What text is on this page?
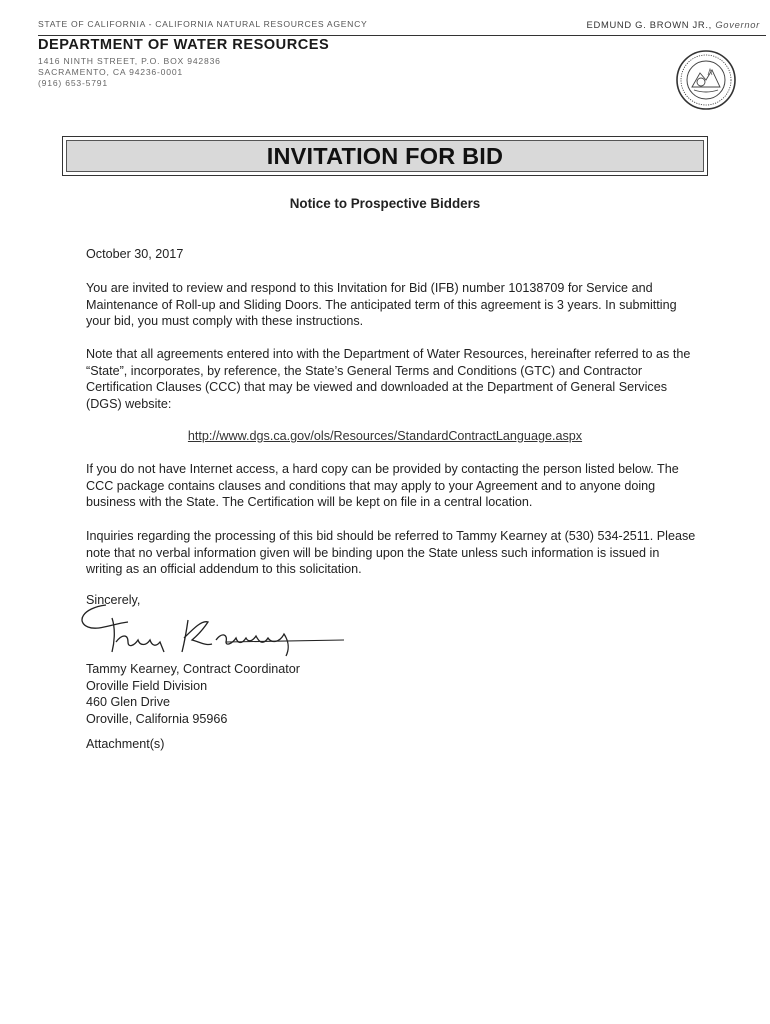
STATE OF CALIFORNIA - CALIFORNIA NATURAL RESOURCES AGENCY	EDMUND G. BROWN JR., Governor
DEPARTMENT OF WATER RESOURCES
1416 NINTH STREET, P.O. BOX 942836
SACRAMENTO, CA 94236-0001
(916) 653-5791
INVITATION FOR BID
Notice to Prospective Bidders
October 30, 2017
You are invited to review and respond to this Invitation for Bid (IFB) number 10138709 for Service and Maintenance of Roll-up and Sliding Doors. The anticipated term of this agreement is 3 years. In submitting your bid, you must comply with these instructions.
Note that all agreements entered into with the Department of Water Resources, hereinafter referred to as the “State”, incorporates, by reference, the State’s General Terms and Conditions (GTC) and Contractor Certification Clauses (CCC) that may be viewed and downloaded at the Department of General Services (DGS) website:
http://www.dgs.ca.gov/ols/Resources/StandardContractLanguage.aspx
If you do not have Internet access, a hard copy can be provided by contacting the person listed below. The CCC package contains clauses and conditions that may apply to your Agreement and to anyone doing business with the State. The Certification will be kept on file in a central location.
Inquiries regarding the processing of this bid should be referred to Tammy Kearney at (530) 534-2511. Please note that no verbal information given will be binding upon the State unless such information is issued in writing as an official addendum to this solicitation.
Sincerely,
Tammy Kearney, Contract Coordinator
Oroville Field Division
460 Glen Drive
Oroville, California 95966
Attachment(s)
